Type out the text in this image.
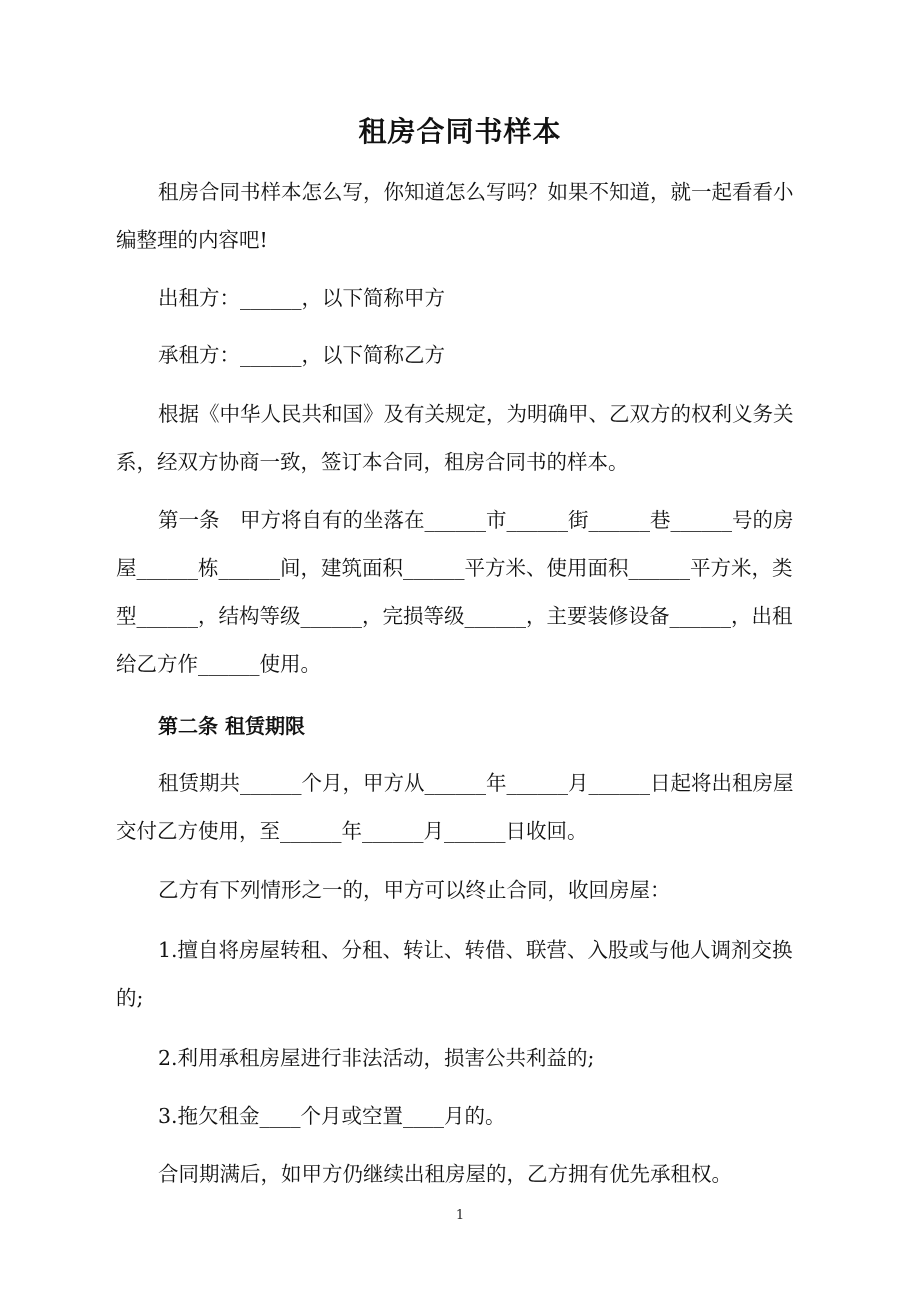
租房合同书样本

租房合同书样本怎么写，你知道怎么写吗？如果不知道，就一起看看小编整理的内容吧!

出租方：______，以下简称甲方

承租方：______，以下简称乙方

根据《中华人民共和国》及有关规定，为明确甲、乙双方的权利义务关系，经双方协商一致，签订本合同，租房合同书的样本。

第一条　甲方将自有的坐落在______市______街______巷______号的房屋______栋______间，建筑面积______平方米、使用面积______平方米，类型______，结构等级______，完损等级______，主要装修设备______，出租给乙方作______使用。

第二条 租赁期限

租赁期共______个月，甲方从______年______月______日起将出租房屋交付乙方使用，至______年______月______日收回。

乙方有下列情形之一的，甲方可以终止合同，收回房屋：

1.擅自将房屋转租、分租、转让、转借、联营、入股或与他人调剂交换的;

2.利用承租房屋进行非法活动，损害公共利益的;

3.拖欠租金____个月或空置____月的。

合同期满后，如甲方仍继续出租房屋的，乙方拥有优先承租权。

1
